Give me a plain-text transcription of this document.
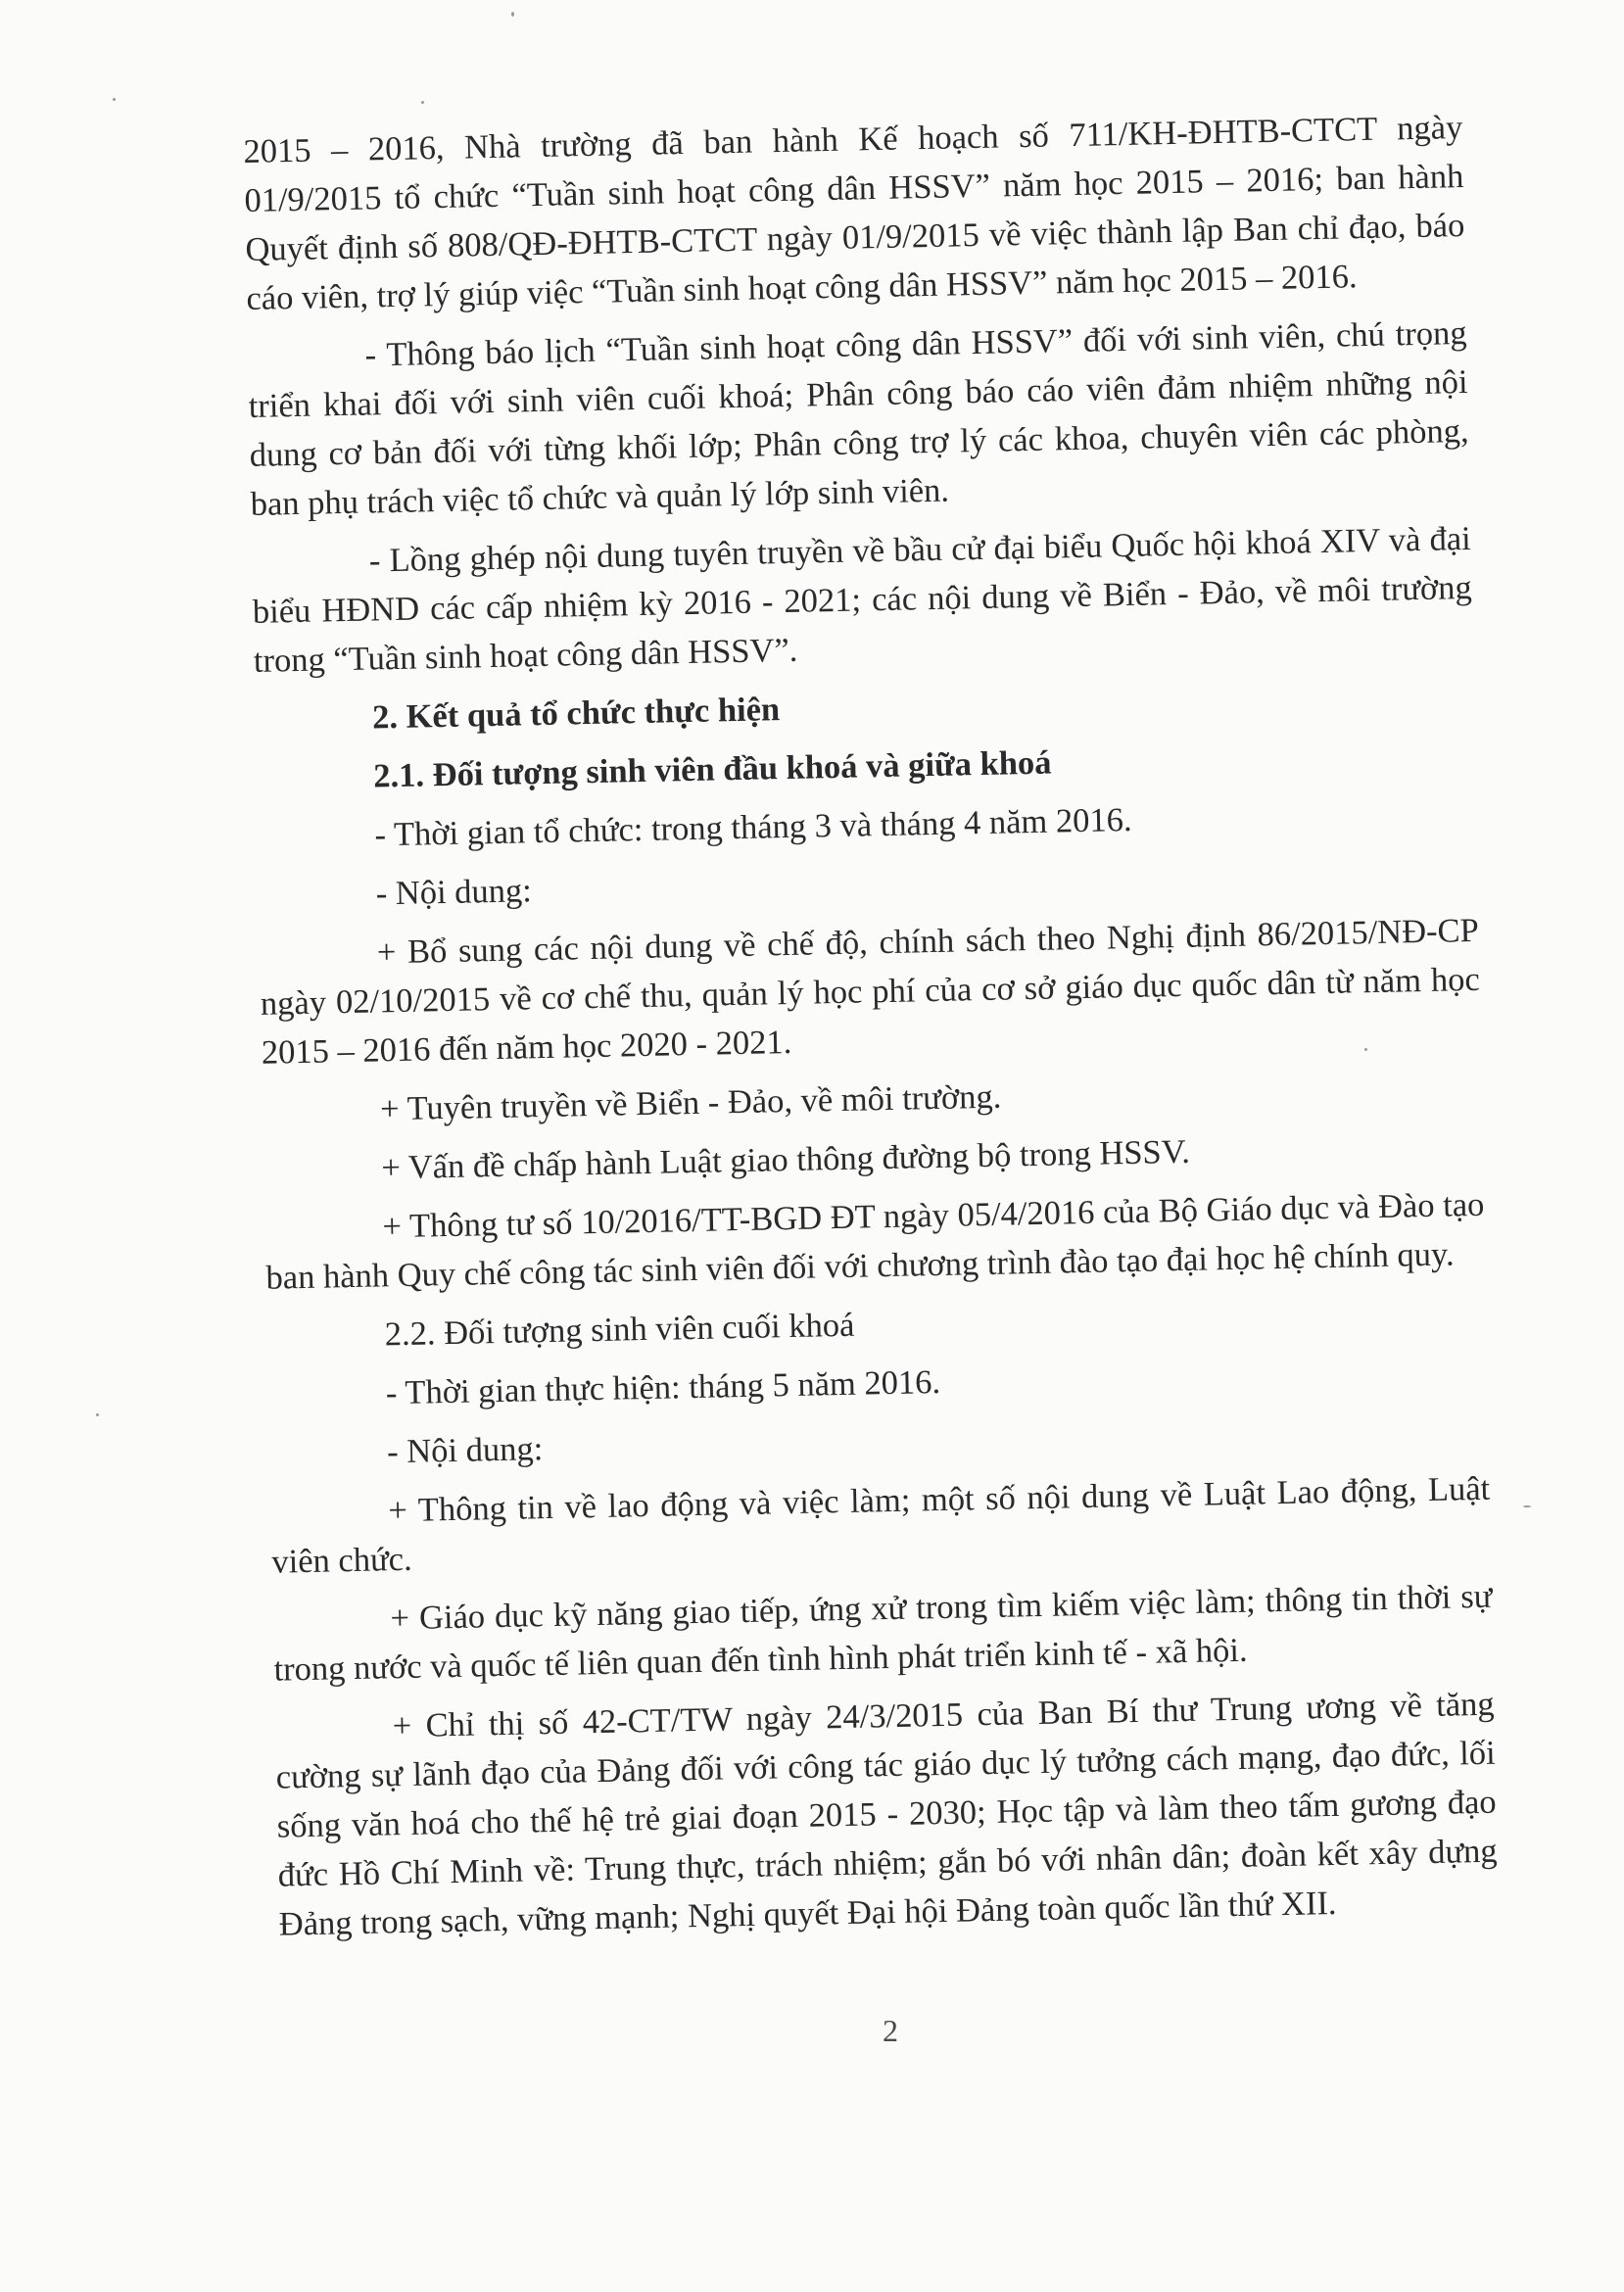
2015 – 2016, Nhà trường đã ban hành Kế hoạch số 711/KH-ĐHTB-CTCT ngày 01/9/2015 tổ chức “Tuần sinh hoạt công dân HSSV” năm học 2015 – 2016; ban hành Quyết định số 808/QĐ-ĐHTB-CTCT ngày 01/9/2015 về việc thành lập Ban chỉ đạo, báo cáo viên, trợ lý giúp việc “Tuần sinh hoạt công dân HSSV” năm học 2015 – 2016.

- Thông báo lịch “Tuần sinh hoạt công dân HSSV” đối với sinh viên, chú trọng triển khai đối với sinh viên cuối khoá; Phân công báo cáo viên đảm nhiệm những nội dung cơ bản đối với từng khối lớp; Phân công trợ lý các khoa, chuyên viên các phòng, ban phụ trách việc tổ chức và quản lý lớp sinh viên.

- Lồng ghép nội dung tuyên truyền về bầu cử đại biểu Quốc hội khoá XIV và đại biểu HĐND các cấp nhiệm kỳ 2016 - 2021; các nội dung về Biển - Đảo, về môi trường trong “Tuần sinh hoạt công dân HSSV”.

2. Kết quả tổ chức thực hiện

2.1. Đối tượng sinh viên đầu khoá và giữa khoá

- Thời gian tổ chức: trong tháng 3 và tháng 4 năm 2016.

- Nội dung:

+ Bổ sung các nội dung về chế độ, chính sách theo Nghị định 86/2015/NĐ-CP ngày 02/10/2015 về cơ chế thu, quản lý học phí của cơ sở giáo dục quốc dân từ năm học 2015 – 2016 đến năm học 2020 - 2021.

+ Tuyên truyền về Biển - Đảo, về môi trường.

+ Vấn đề chấp hành Luật giao thông đường bộ trong HSSV.

+ Thông tư số 10/2016/TT-BGD ĐT ngày 05/4/2016 của Bộ Giáo dục và Đào tạo ban hành Quy chế công tác sinh viên đối với chương trình đào tạo đại học hệ chính quy.

2.2. Đối tượng sinh viên cuối khoá

- Thời gian thực hiện: tháng 5 năm 2016.

- Nội dung:

+ Thông tin về lao động và việc làm; một số nội dung về Luật Lao động, Luật viên chức.

+ Giáo dục kỹ năng giao tiếp, ứng xử trong tìm kiếm việc làm; thông tin thời sự trong nước và quốc tế liên quan đến tình hình phát triển kinh tế - xã hội.

+ Chỉ thị số 42-CT/TW ngày 24/3/2015 của Ban Bí thư Trung ương về tăng cường sự lãnh đạo của Đảng đối với công tác giáo dục lý tưởng cách mạng, đạo đức, lối sống văn hoá cho thế hệ trẻ giai đoạn 2015 - 2030; Học tập và làm theo tấm gương đạo đức Hồ Chí Minh về: Trung thực, trách nhiệm; gắn bó với nhân dân; đoàn kết xây dựng Đảng trong sạch, vững mạnh; Nghị quyết Đại hội Đảng toàn quốc lần thứ XII.

2
